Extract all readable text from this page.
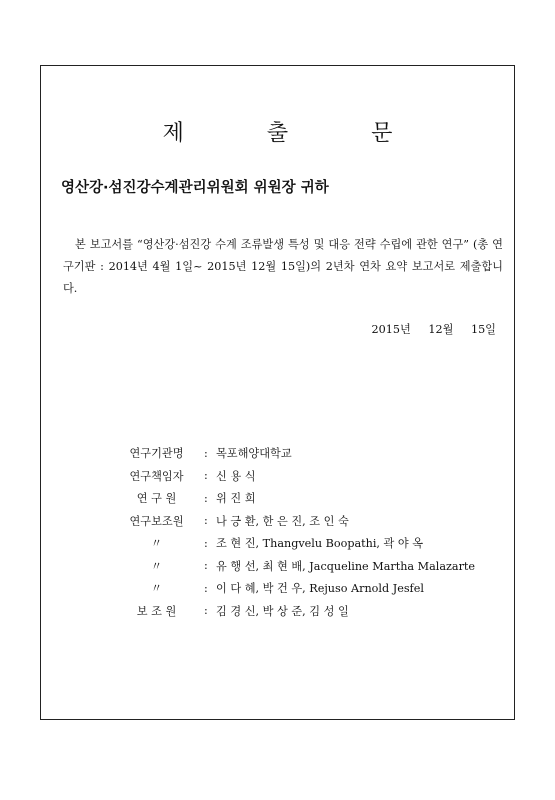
제 출 문
영산강·섬진강수계관리위원회 위원장 귀하
본 보고서를 “영산강·섬진강 수계 조류발생 특성 및 대응 전략 수립에 관한 연구” (총 연구기판 : 2014년 4월 1일~ 2015년 12월 15일)의 2년차 연차 요약 보고서로 제출합니다.
2015년 12월 15일
연구기관명	:	목포해양대학교
연구책임자	:	신 용 식
연 구 원	:	위 진 희
연구보조원	:	나 긍 환, 한 은 진, 조 인 숙
〃	:	조 현 진, Thangvelu Boopathi, 곽 야 옥
〃	:	유 행 선, 최 현 배, Jacqueline Martha Malazarte
〃	:	이 다 혜, 박 건 우, Rejuso Arnold Jesfel
보 조 원	:	김 경 신, 박 상 준, 김 성 일
